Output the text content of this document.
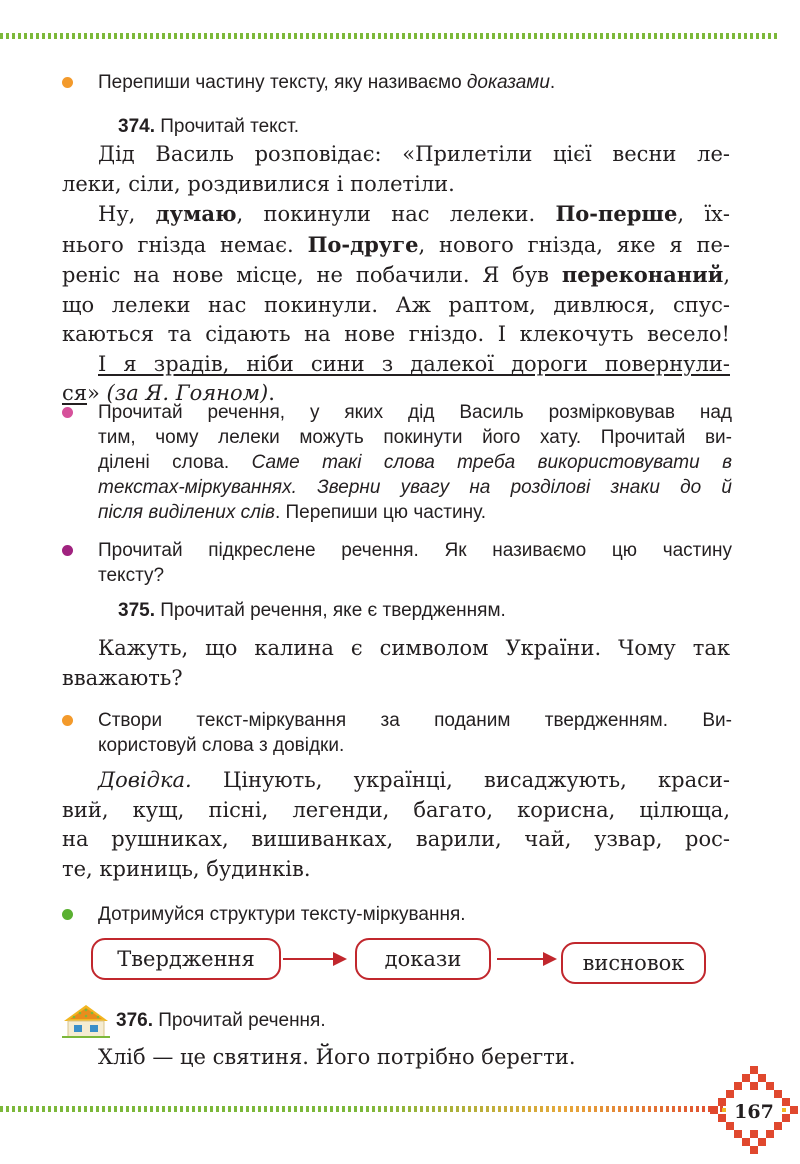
Перепиши частину тексту, яку називаємо доказами.
374. Прочитай текст.
Дід Василь розповідає: «Прилетіли цієї весни ле-
леки, сіли, роздивилися і полетіли.
Ну, думаю, покинули нас лелеки. По-перше, їх-
нього гнізда немає. По-друге, нового гнізда, яке я пе-
реніс на нове місце, не побачили. Я був переконаний,
що лелеки нас покинули. Аж раптом, дивлюся, спус-
каються та сідають на нове гніздо. І клекочуть весело!
І я зрадів, ніби сини з далекої дороги повернули-
ся» (за Я. Гояном).
Прочитай речення, у яких дід Василь розмірковував над
тим, чому лелеки можуть покинути його хату. Прочитай ви-
ділені слова. Саме такі слова треба використовувати в
текстах-міркуваннях. Зверни увагу на розділові знаки до й
після виділених слів. Перепиши цю частину.
Прочитай підкреслене речення. Як називаємо цю частину
тексту?
375. Прочитай речення, яке є твердженням.
Кажуть, що калина є символом України. Чому так
вважають?
Створи текст-міркування за поданим твердженням. Ви-
користовуй слова з довідки.
Довідка. Цінують, українці, висаджують, краси-
вий, кущ, пісні, легенди, багато, корисна, цілюща,
на рушниках, вишиванках, варили, чай, узвар, рос-
те, криниць, будинків.
Дотримуйся структури тексту-міркування.
Твердження	докази	висновок
376. Прочитай речення.
Хліб — це святиня. Його потрібно берегти.
167
